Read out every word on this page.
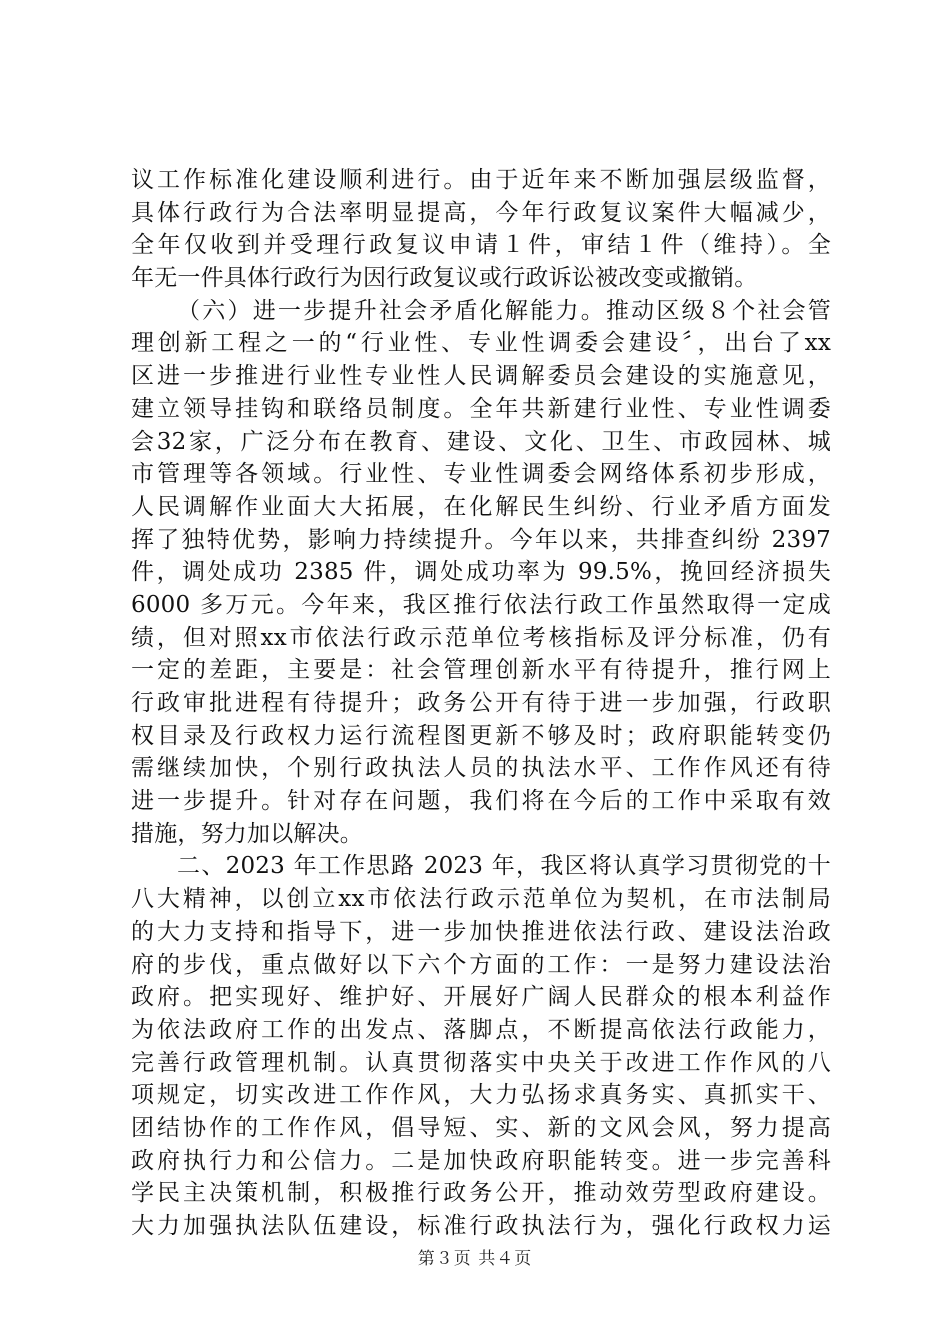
议工作标准化建设顺利进行。由于近年来不断加强层级监督，
具体行政行为合法率明显提高，今年行政复议案件大幅减少，
全年仅收到并受理行政复议申请１件，审结１件（维持）。全
年无一件具体行政行为因行政复议或行政诉讼被改变或撤销。
（六）进一步提升社会矛盾化解能力。推动区级８个社会管
理创新工程之一的“行业性、专业性调委会建设〞，出台了xx
区进一步推进行业性专业性人民调解委员会建设的实施意见，
建立领导挂钩和联络员制度。全年共新建行业性、专业性调委
会32家，广泛分布在教育、建设、文化、卫生、市政园林、城
市管理等各领域。行业性、专业性调委会网络体系初步形成，
人民调解作业面大大拓展，在化解民生纠纷、行业矛盾方面发
挥了独特优势，影响力持续提升。今年以来，共排查纠纷 2397
件，调处成功 2385 件，调处成功率为 99.5%，挽回经济损失
6000 多万元。今年来，我区推行依法行政工作虽然取得一定成
绩，但对照xx市依法行政示范单位考核指标及评分标准，仍有
一定的差距，主要是：社会管理创新水平有待提升，推行网上
行政审批进程有待提升；政务公开有待于进一步加强，行政职
权目录及行政权力运行流程图更新不够及时；政府职能转变仍
需继续加快，个别行政执法人员的执法水平、工作作风还有待
进一步提升。针对存在问题，我们将在今后的工作中采取有效
措施，努力加以解决。
二、2023 年工作思路 2023 年，我区将认真学习贯彻党的十
八大精神，以创立xx市依法行政示范单位为契机，在市法制局
的大力支持和指导下，进一步加快推进依法行政、建设法治政
府的步伐，重点做好以下六个方面的工作：一是努力建设法治
政府。把实现好、维护好、开展好广阔人民群众的根本利益作
为依法政府工作的出发点、落脚点，不断提高依法行政能力，
完善行政管理机制。认真贯彻落实中央关于改进工作作风的八
项规定，切实改进工作作风，大力弘扬求真务实、真抓实干、
团结协作的工作作风，倡导短、实、新的文风会风，努力提高
政府执行力和公信力。二是加快政府职能转变。进一步完善科
学民主决策机制，积极推行政务公开，推动效劳型政府建设。
大力加强执法队伍建设，标准行政执法行为，强化行政权力运
第３页 共４页
